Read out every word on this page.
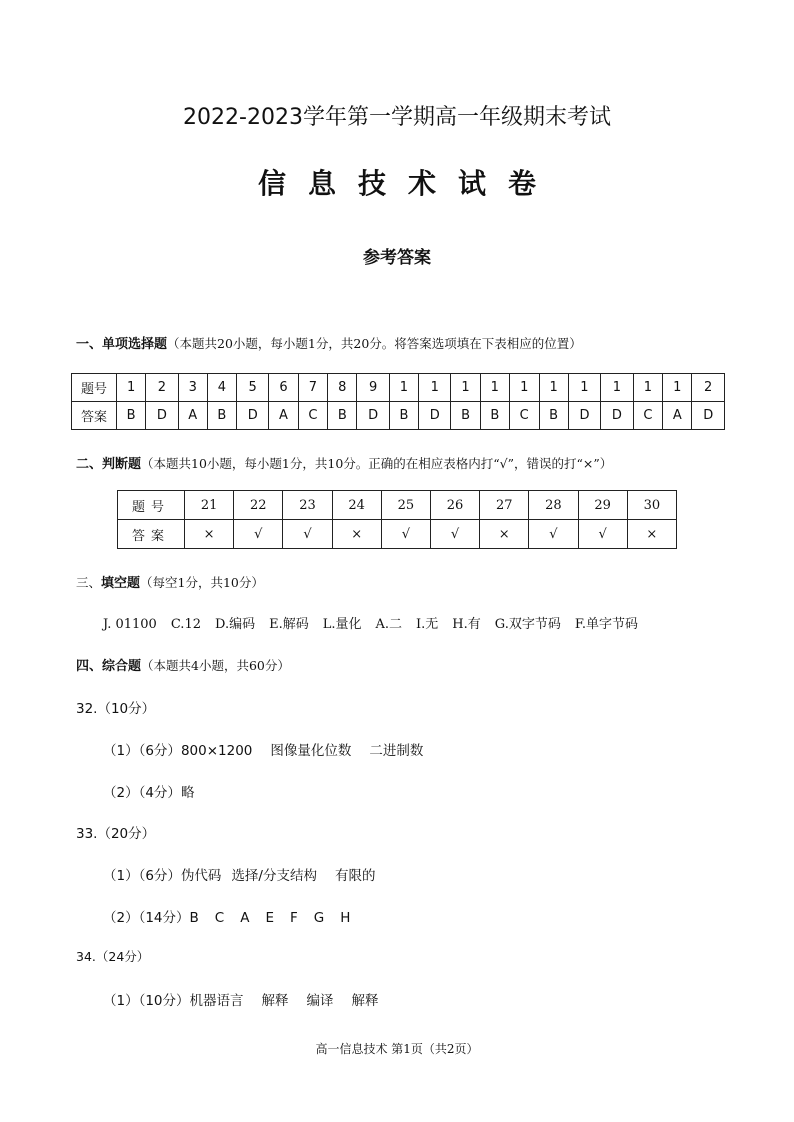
2022-2023学年第一学期高一年级期末考试
信息技术试卷
参考答案
一、单项选择题（本题共20小题，每小题1分，共20分。将答案选项填在下表相应的位置）
题号	1	2	3	4	5	6	7	8	9	1	1	1	1	1	1	1	1	1	1	2
答案	B	D	A	B	D	A	C	B	D	B	D	B	B	C	B	D	D	C	A	D
二、判断题（本题共10小题，每小题1分，共10分。正确的在相应表格内打“√”，错误的打“×”）
题号	21	22	23	24	25	26	27	28	29	30
答案	×	√	√	×	√	√	×	√	√	×
三、填空题（每空1分，共10分）
J. 01100 C.12 D.编码 E.解码 L.量化 A.二 I.无 H.有 G.双字节码 F.单字节码
四、综合题（本题共4小题，共60分）
32.（10分）
（1）（6分）800×1200 图像量化位数 二进制数
（2）（4分）略
33.（20分）
（1）（6分）伪代码 选择/分支结构 有限的
（2）（14分）B C A E F G H
34.（24分）
（1）（10分）机器语言 解释 编译 解释
高一信息技术 第1页（共2页）
